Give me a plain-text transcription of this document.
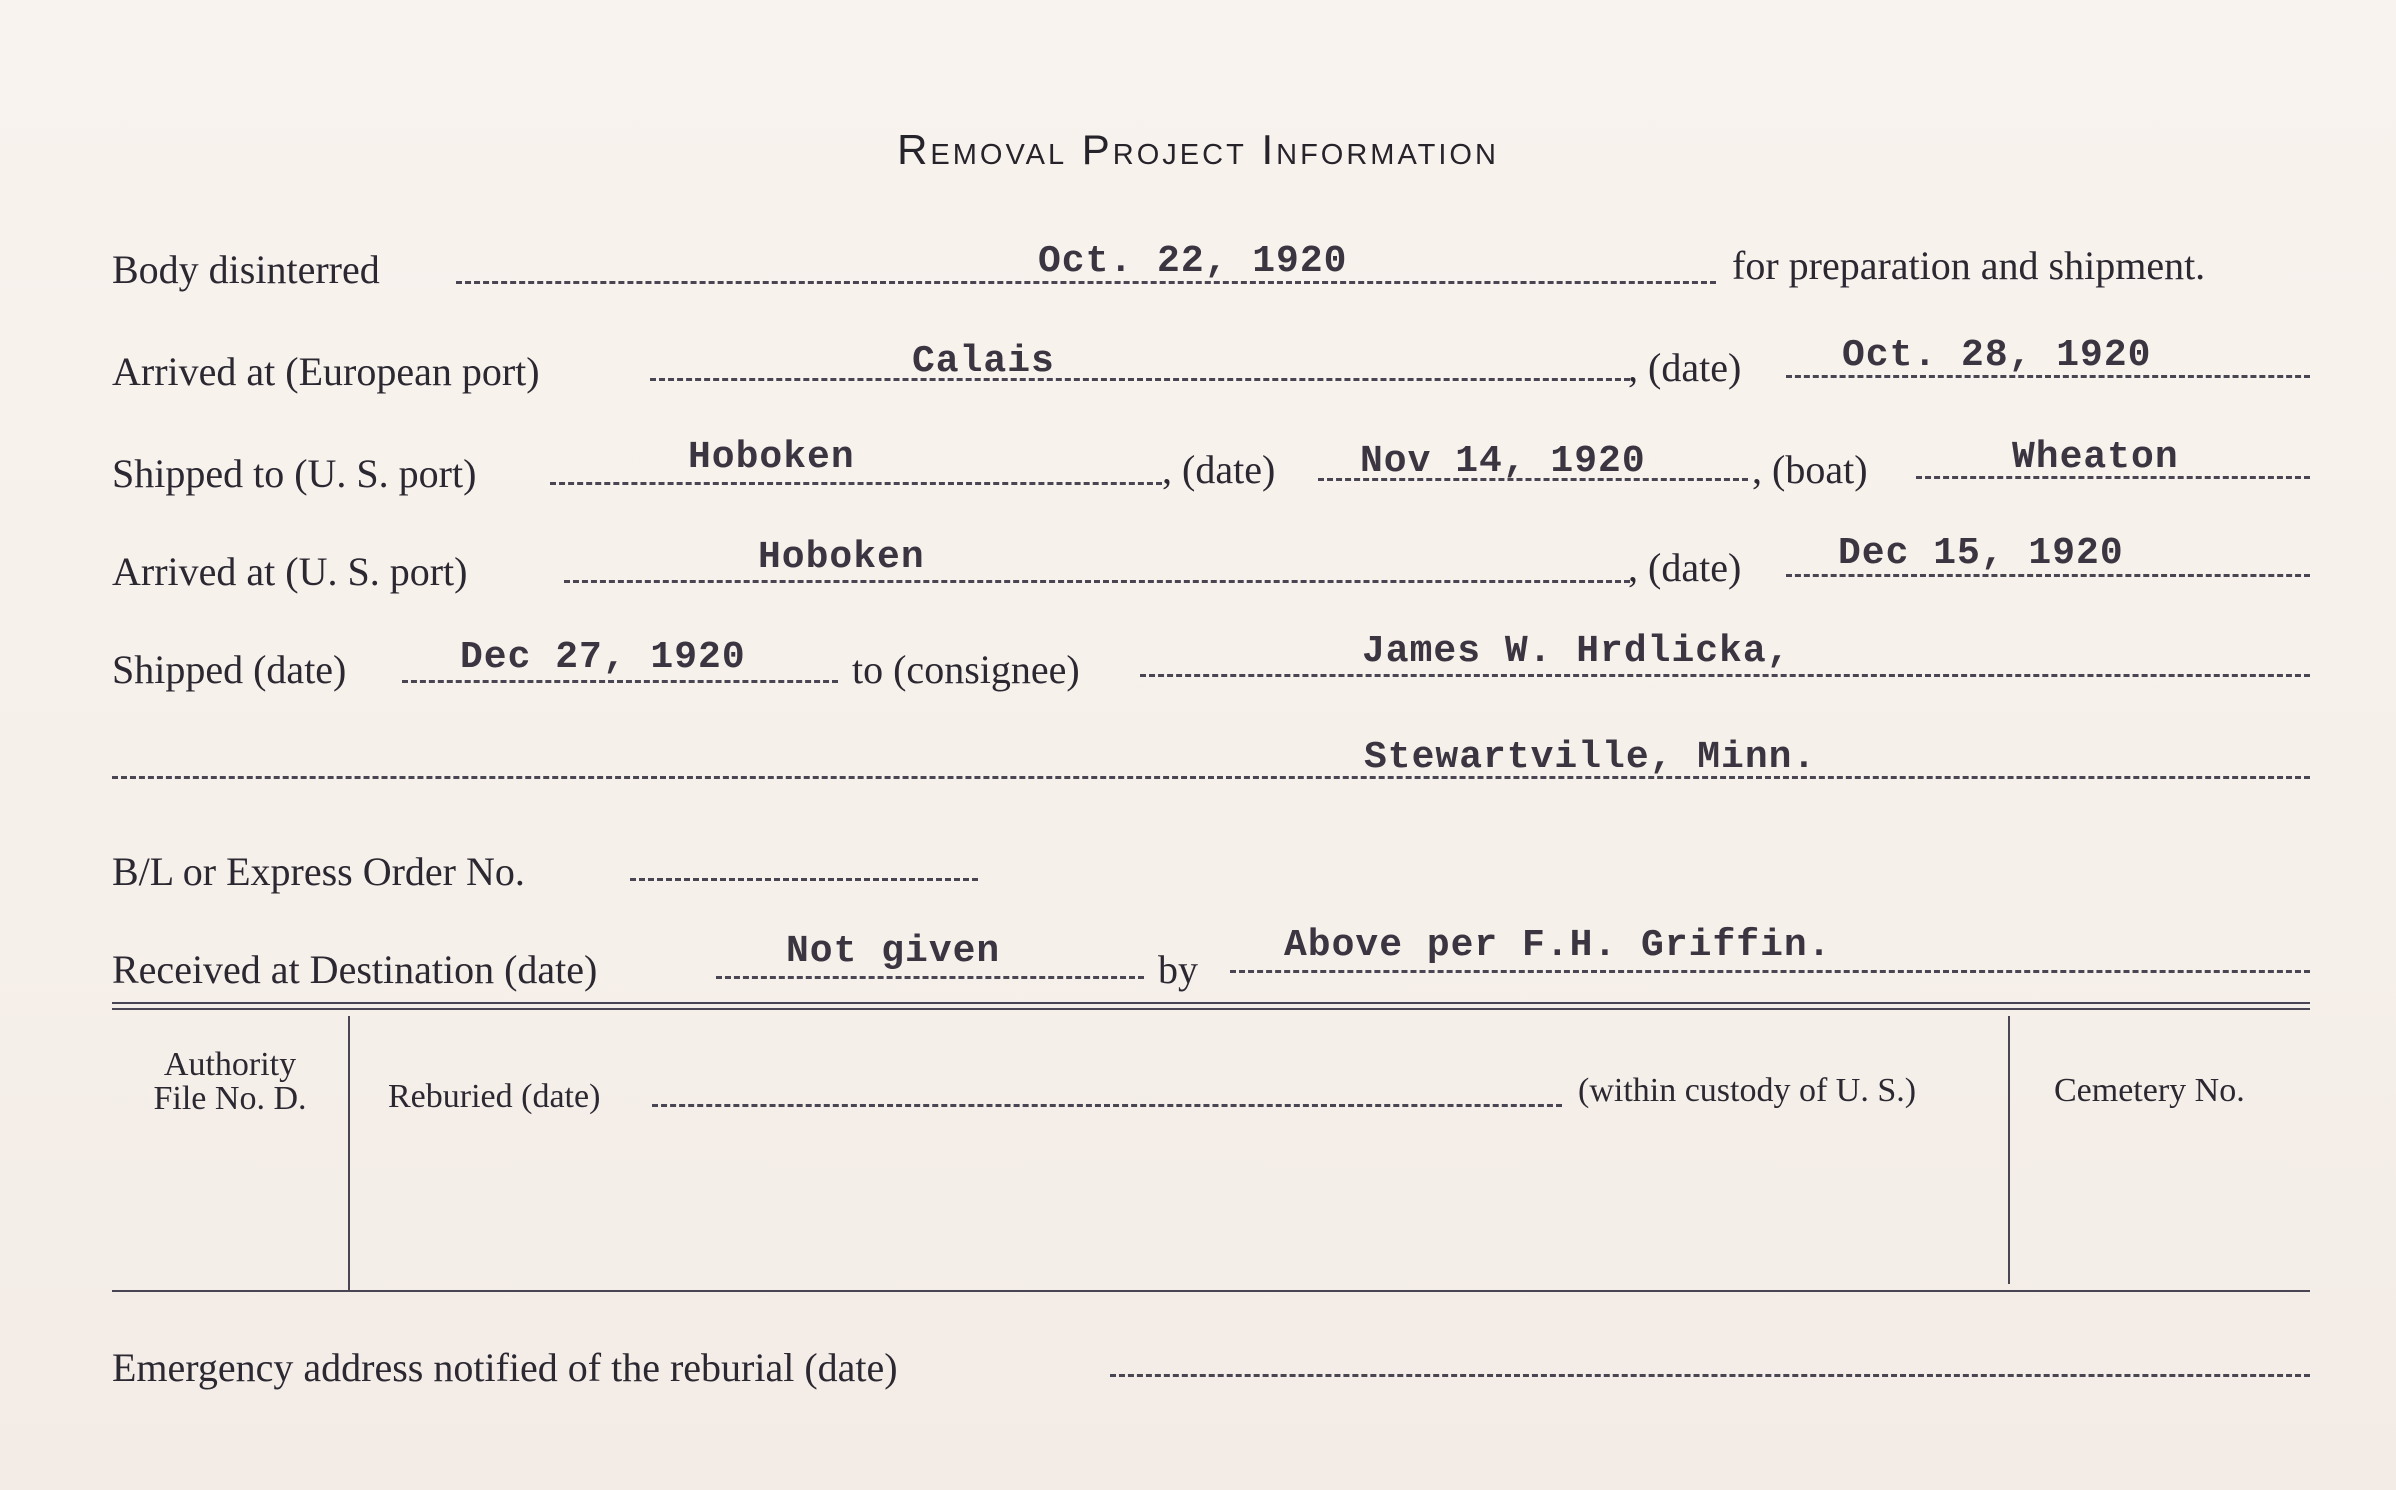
Removal Project Information
Body disinterred	Oct. 22, 1920	for preparation and shipment.
Arrived at (European port)	Calais	, (date)	Oct. 28, 1920
Shipped to (U. S. port)	Hoboken	, (date) Nov 14, 1920	, (boat)	Wheaton
Arrived at (U. S. port)	Hoboken	, (date)	Dec 15, 1920
Shipped (date)	Dec 27, 1920	to (consignee)	James W. Hrdlicka,
Stewartville, Minn.
B/L or Express Order No.
Received at Destination (date)	Not given	by
Above per F.H. Griffin.
Authority
File No. D.	Reburied (date)	(within custody of U. S.)	Cemetery No.
Emergency address notified of the reburial (date)
